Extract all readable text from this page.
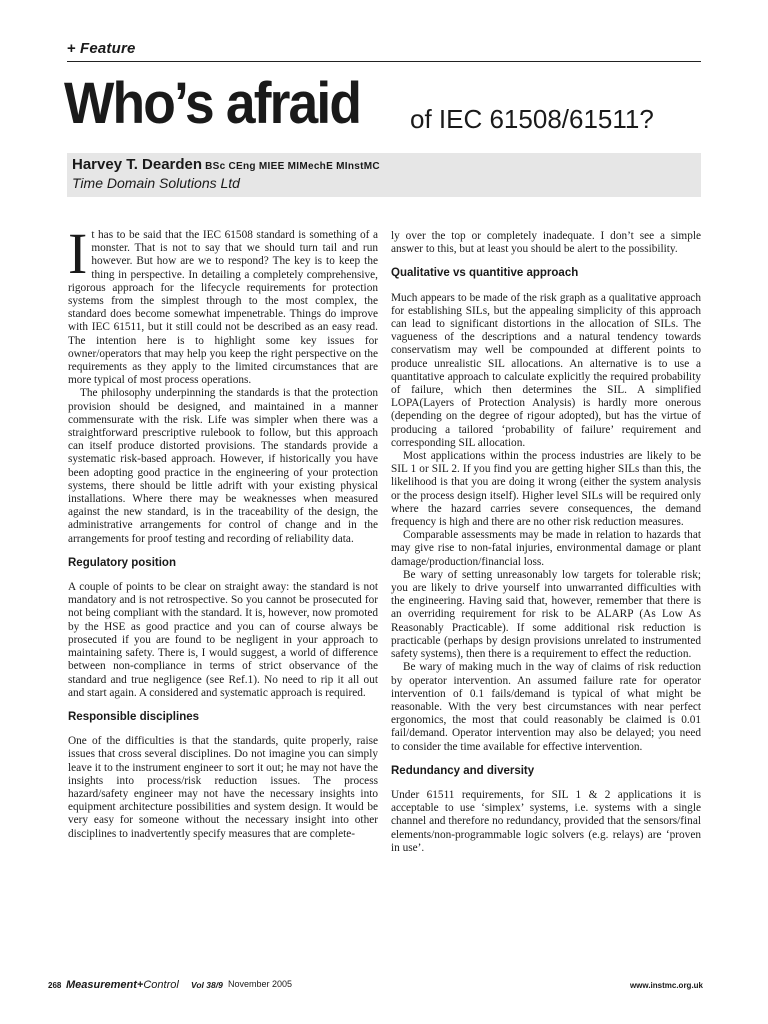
+ Feature
Who’s afraid of IEC 61508/61511?
Harvey T. Dearden BSc CEng MIEE MIMechE MInstMC
Time Domain Solutions Ltd

It has to be said that the IEC 61508 standard is something of a monster. That is not to say that we should turn tail and run however. But how are we to respond? The key is to keep the thing in perspective. In detailing a completely comprehensive, rigorous approach for the lifecycle requirements for protection systems from the simplest through to the most complex, the standard does become somewhat impenetrable. Things do improve with IEC 61511, but it still could not be described as an easy read. The intention here is to highlight some key issues for owner/operators that may help you keep the right perspective on the requirements as they apply to the limited circumstances that are more typical of most process operations.

The philosophy underpinning the standards is that the protection provision should be designed, and maintained in a manner commensurate with the risk. Life was simpler when there was a straightforward prescriptive rulebook to follow, but this approach can itself produce distorted provisions. The standards provide a systematic risk-based approach. However, if historically you have been adopting good practice in the engineering of your protection systems, there should be little adrift with your existing physical installations. Where there may be weaknesses when measured against the new standard, is in the traceability of the design, the administrative arrangements for control of change and in the arrangements for proof testing and recording of reliability data.

Regulatory position

A couple of points to be clear on straight away: the standard is not mandatory and is not retrospective. So you cannot be prosecuted for not being compliant with the standard. It is, however, now promoted by the HSE as good practice and you can of course always be prosecuted if you are found to be negligent in your approach to maintaining safety. There is, I would suggest, a world of difference between non-compliance in terms of strict observance of the standard and true negligence (see Ref.1). No need to rip it all out and start again. A considered and systematic approach is required.

Responsible disciplines

One of the difficulties is that the standards, quite properly, raise issues that cross several disciplines. Do not imagine you can simply leave it to the instrument engineer to sort it out; he may not have the insights into process/risk reduction issues. The process hazard/safety engineer may not have the necessary insights into equipment architecture possibilities and system design. It would be very easy for someone without the necessary insight into other disciplines to inadvertently specify measures that are complete-

ly over the top or completely inadequate. I don’t see a simple answer to this, but at least you should be alert to the possibility.

Qualitative vs quantitive approach

Much appears to be made of the risk graph as a qualitative approach for establishing SILs, but the appealing simplicity of this approach can lead to significant distortions in the allocation of SILs. The vagueness of the descriptions and a natural tendency towards conservatism may well be compounded at different points to produce unrealistic SIL allocations. An alternative is to use a quantitative approach to calculate explicitly the required probability of failure, which then determines the SIL. A simplified LOPA(Layers of Protection Analysis) is hardly more onerous (depending on the degree of rigour adopted), but has the virtue of producing a tailored ‘probability of failure’ requirement and corresponding SIL allocation.

Most applications within the process industries are likely to be SIL 1 or SIL 2. If you find you are getting higher SILs than this, the likelihood is that you are doing it wrong (either the system analysis or the process design itself). Higher level SILs will be required only where the hazard carries severe consequences, the demand frequency is high and there are no other risk reduction measures.

Comparable assessments may be made in relation to hazards that may give rise to non-fatal injuries, environmental damage or plant damage/production/financial loss.

Be wary of setting unreasonably low targets for tolerable risk; you are likely to drive yourself into unwarranted difficulties with the engineering. Having said that, however, remember that there is an overriding requirement for risk to be ALARP (As Low As Reasonably Practicable). If some additional risk reduction is practicable (perhaps by design provisions unrelated to instrumented safety systems), then there is a requirement to effect the reduction.

Be wary of making much in the way of claims of risk reduction by operator intervention. An assumed failure rate for operator intervention of 0.1 fails/demand is typical of what might be reasonable. With the very best circumstances with near perfect ergonomics, the most that could reasonably be claimed is 0.01 fail/demand. Operator intervention may also be delayed; you need to consider the time available for effective intervention.

Redundancy and diversity

Under 61511 requirements, for SIL 1 & 2 applications it is acceptable to use ‘simplex’ systems, i.e. systems with a single channel and therefore no redundancy, provided that the sensors/final elements/non-programmable logic solvers (e.g. relays) are ‘proven in use’.

268 Measurement+Control Vol 38/9 November 2005	www.instmc.org.uk
